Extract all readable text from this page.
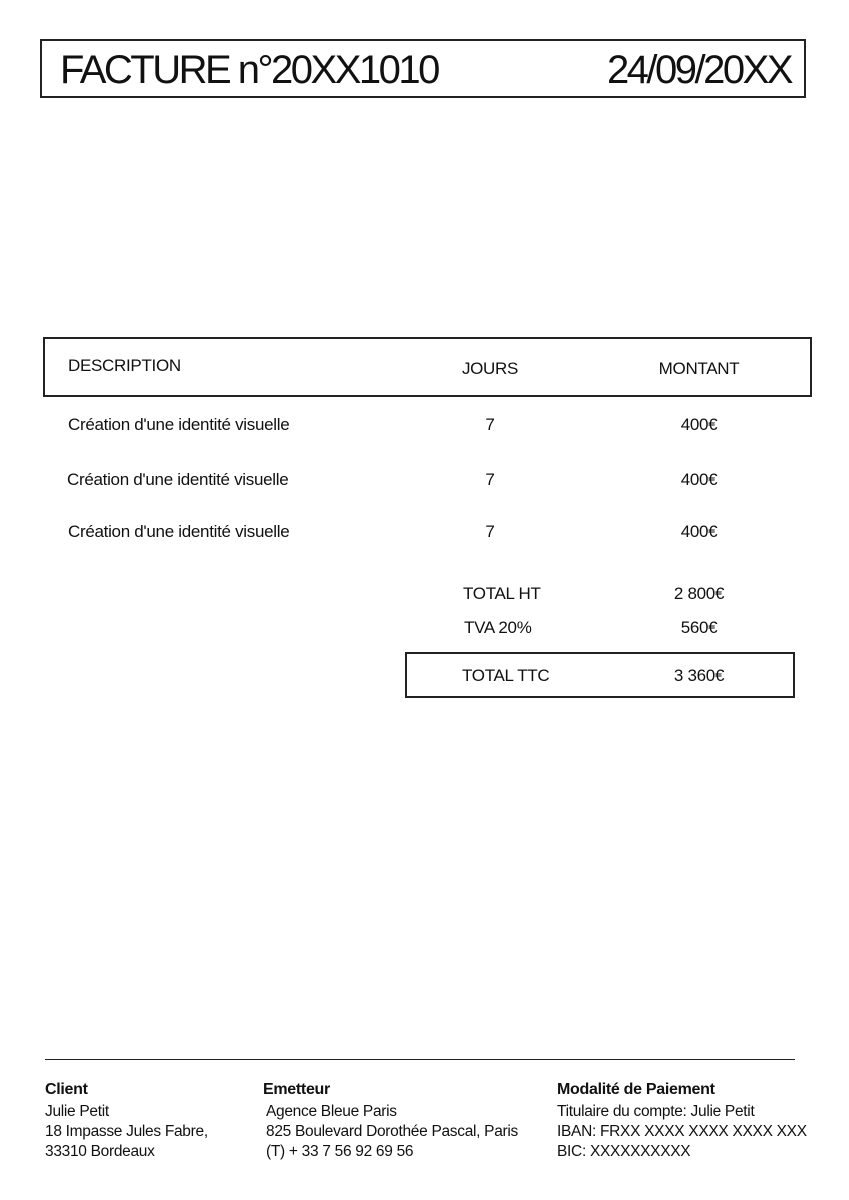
FACTURE n°20XX1010	24/09/20XX
DESCRIPTION	JOURS	MONTANT
Création d'une identité visuelle	7	400€
Création d'une identité visuelle	7	400€
Création d'une identité visuelle	7	400€
TOTAL HT	2 800€
TVA 20%	560€
TOTAL TTC	3 360€
Client
Julie Petit
18 Impasse Jules Fabre,
33310 Bordeaux
Emetteur
Agence Bleue Paris
825 Boulevard Dorothée Pascal, Paris
(T) + 33 7 56 92 69 56
Modalité de Paiement
Titulaire du compte: Julie Petit
IBAN: FRXX XXXX XXXX XXXX XXX
BIC: XXXXXXXXXX
